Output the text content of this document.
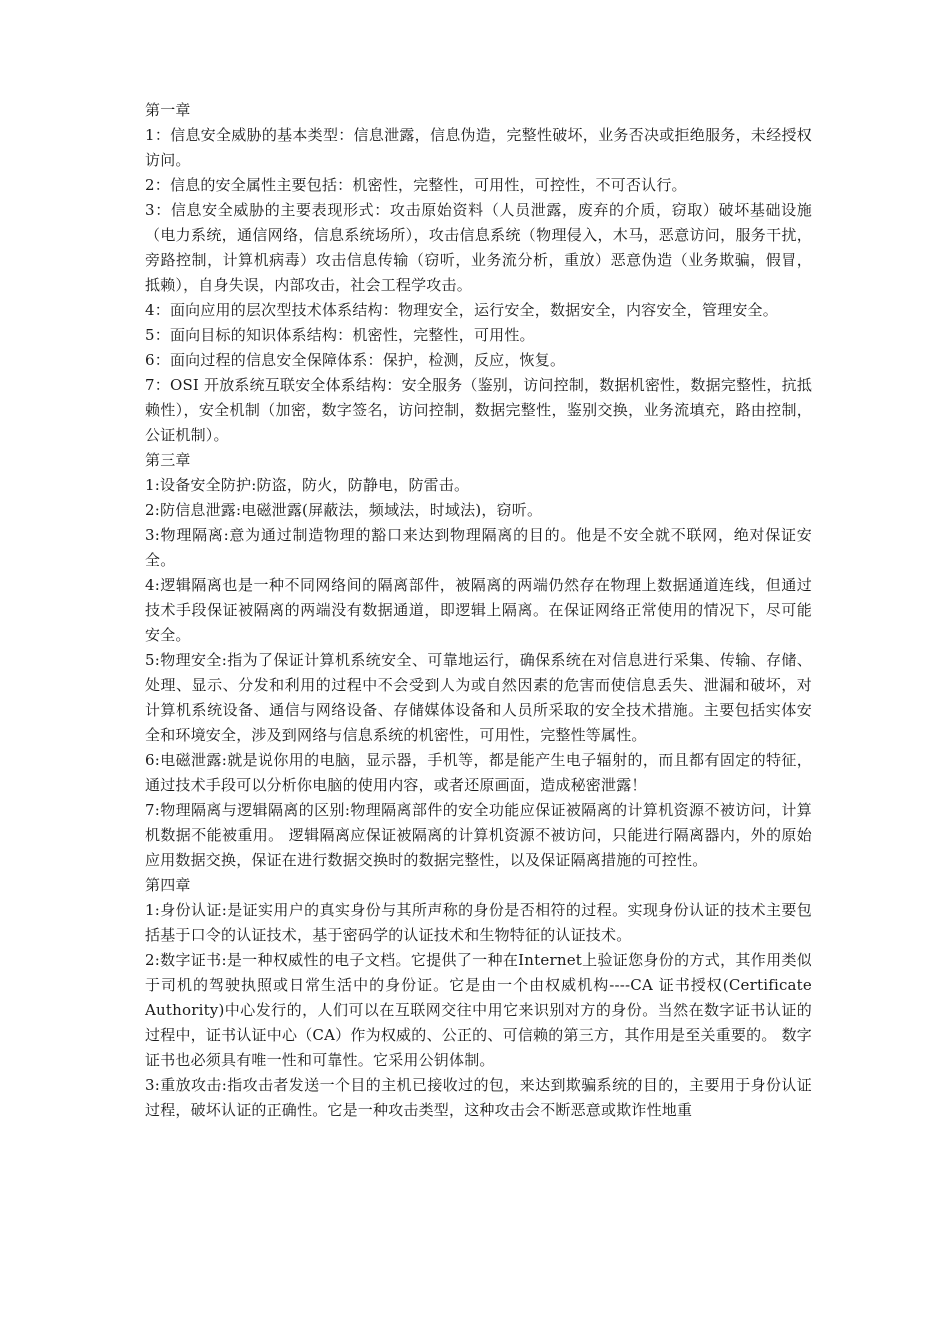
第一章

1：信息安全威胁的基本类型：信息泄露，信息伪造，完整性破坏，业务否决或拒绝服务，未经授权访问。

2：信息的安全属性主要包括：机密性，完整性，可用性，可控性，不可否认行。

3：信息安全威胁的主要表现形式：攻击原始资料（人员泄露，废弃的介质，窃取）破坏基础设施（电力系统，通信网络，信息系统场所），攻击信息系统（物理侵入，木马，恶意访问，服务干扰，旁路控制，计算机病毒）攻击信息传输（窃听，业务流分析，重放）恶意伪造（业务欺骗，假冒，抵赖），自身失误，内部攻击，社会工程学攻击。

4：面向应用的层次型技术体系结构：物理安全，运行安全，数据安全，内容安全，管理安全。

5：面向目标的知识体系结构：机密性，完整性，可用性。

6：面向过程的信息安全保障体系：保护，检测，反应，恢复。

7：OSI 开放系统互联安全体系结构：安全服务（鉴别，访问控制，数据机密性，数据完整性，抗抵赖性），安全机制（加密，数字签名，访问控制，数据完整性，鉴别交换，业务流填充，路由控制，公证机制）。

第三章

1:设备安全防护:防盗，防火，防静电，防雷击。

2:防信息泄露:电磁泄露(屏蔽法，频域法，时域法)，窃听。

3:物理隔离:意为通过制造物理的豁口来达到物理隔离的目的。他是不安全就不联网，绝对保证安全。

4:逻辑隔离也是一种不同网络间的隔离部件，被隔离的两端仍然存在物理上数据通道连线，但通过技术手段保证被隔离的两端没有数据通道，即逻辑上隔离。在保证网络正常使用的情况下，尽可能安全。

5:物理安全:指为了保证计算机系统安全、可靠地运行，确保系统在对信息进行采集、传输、存储、处理、显示、分发和利用的过程中不会受到人为或自然因素的危害而使信息丢失、泄漏和破坏，对计算机系统设备、通信与网络设备、存储媒体设备和人员所采取的安全技术措施。主要包括实体安全和环境安全，涉及到网络与信息系统的机密性，可用性，完整性等属性。

6:电磁泄露:就是说你用的电脑，显示器，手机等，都是能产生电子辐射的，而且都有固定的特征，通过技术手段可以分析你电脑的使用内容，或者还原画面，造成秘密泄露！

7:物理隔离与逻辑隔离的区别:物理隔离部件的安全功能应保证被隔离的计算机资源不被访问，计算机数据不能被重用。 逻辑隔离应保证被隔离的计算机资源不被访问，只能进行隔离器内，外的原始应用数据交换，保证在进行数据交换时的数据完整性，以及保证隔离措施的可控性。

第四章

1:身份认证:是证实用户的真实身份与其所声称的身份是否相符的过程。实现身份认证的技术主要包括基于口令的认证技术，基于密码学的认证技术和生物特征的认证技术。

2:数字证书:是一种权威性的电子文档。它提供了一种在Internet上验证您身份的方式，其作用类似于司机的驾驶执照或日常生活中的身份证。它是由一个由权威机构----CA 证书授权(Certificate Authority)中心发行的，人们可以在互联网交往中用它来识别对方的身份。当然在数字证书认证的过程中，证书认证中心（CA）作为权威的、公正的、可信赖的第三方，其作用是至关重要的。 数字证书也必须具有唯一性和可靠性。它采用公钥体制。

3:重放攻击:指攻击者发送一个目的主机已接收过的包，来达到欺骗系统的目的，主要用于身份认证过程，破坏认证的正确性。它是一种攻击类型，这种攻击会不断恶意或欺诈性地重
